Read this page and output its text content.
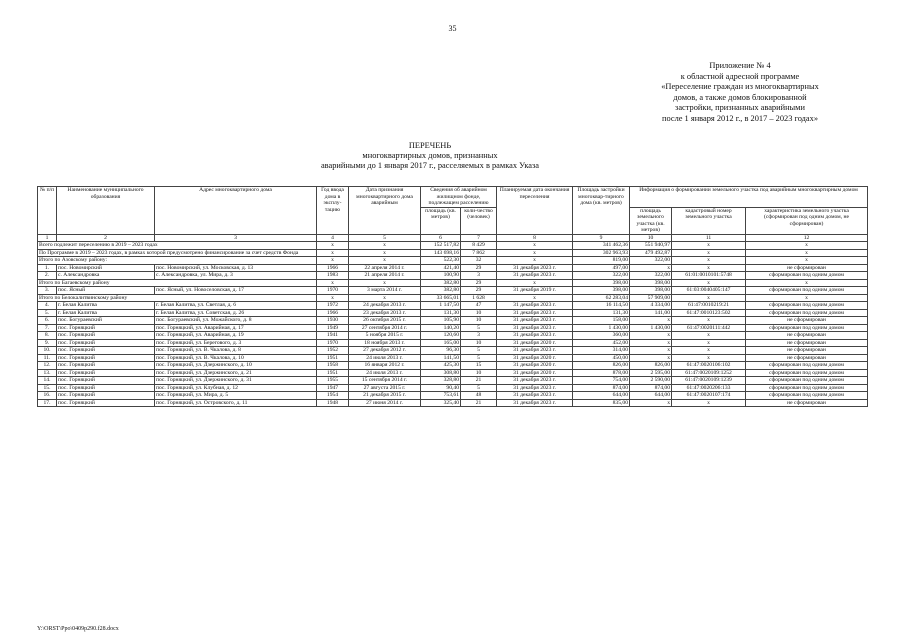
35
Приложение № 4
к областной адресной программе
«Переселение граждан из многоквартирных
домов, а также домов блокированной
застройки, признанных аварийными
после 1 января 2012 г., в 2017 – 2023 годах»
ПЕРЕЧЕНЬ
многоквартирных домов, признанных
аварийными до 1 января 2017 г., расселяемых в рамках Указа
№ п/п	Наименование муниципального образования	Адрес многоквартирного дома	Год ввода дома в эксплу-тацию	Дата признания многоквартирного дома аварийным	Сведения об аварийном жилищном фонде, подлежащем расселению		Планируемая дата окончания переселения	Площадь застройки многоквар-тирного дома (кв. метров)	Информация о формировании земельного участка под аварийным многоквартирным домом		
					площадь (кв. метров)	коли-чество (человек)			площадь земельного участка (кв. метров)	кадастровый номер земельного участка	характеристика земельного участка (сформирован под одним домом, не сформирован)
1	2	3	4	5	6	7	8	9	10	11	12
Всего подлежит переселению в 2019 – 2023 годах			x	x	152 517,82	8 429	x	341 462,36	551 940,97	x	x
По Программе в 2019 – 2023 годах, в рамках которой предусмотрено финансирование за счет средств Фонда			x	x	143 698,16	7 862	x	302 963,93	479 492,87	x	x
Итого по Азовскому району:			x	x	522,30	32	x	819,00	322,00	x	x
1.	пос. Новомирский	пос. Новомирский, ул. Московская, д. 13	1966	22 апреля 2014 г.	421,40	29	31 декабря 2023 г.	497,00	x	x	не сформирован
2.	с. Александровка	с. Александровка, ул. Мира, д. 3	1983	21 апреля 2014 г.	100,90	3	31 декабря 2023 г.	322,00	322,00	61:01:0010101:5748	сформирован под одним домом
Итого по Багаевскому району			x	x	382,80	29	x	398,00	398,00	x	x
3.	пос. Ясный	пос. Ясный, ул. Новоселовская, д. 17	1970	3 марта 2014 г.	382,80	29	31 декабря 2019 г.	398,00	398,00	61:03:0040405:147	сформирован под одним домом
Итого по Белокалитвинскому району			x	x	33 665,01	1 628	x	62 283,04	57 909,00	x	x
4.	г. Белая Калитва	г. Белая Калитва, ул. Светлая, д. 6	1972	24 декабря 2013 г.	1 147,50	47	31 декабря 2023 г.	16 114,50	4 334,00	61:47:0010219:21	сформирован под одним домом
5.	г. Белая Калитва	г. Белая Калитва, ул. Советская, д. 26	1966	23 декабря 2013 г.	131,30	10	31 декабря 2023 г.	131,30	141,00	61:47:0010123:502	сформирован под одним домом
6.	пос. Богураевский	пос. Богураевский, ул. Можайского, д. 8	1930	26 октября 2015 г.	105,90	10	31 декабря 2023 г.	158,00	x	x	не сформирован
7.	пос. Горняцкий	пос. Горняцкий, ул. Аварийная, д. 17	1949	27 сентября 2014 г.	140,20	5	31 декабря 2023 г.	1 430,00	1 430,00	61:47:0020111:442	сформирован под одним домом
8.	пос. Горняцкий	пос. Горняцкий, ул. Аварийная, д. 19	1941	5 ноября 2015 г.	120,60	3	31 декабря 2023 г.	360,00	x	x	не сформирован
9.	пос. Горняцкий	пос. Горняцкий, ул. Берегового, д. 3	1970	18 ноября 2013 г.	165,00	10	31 декабря 2020 г.	452,00	x	x	не сформирован
10.	пос. Горняцкий	пос. Горняцкий, ул. В. Чкалова, д. 8	1952	27 декабря 2012 г.	96,30	5	31 декабря 2023 г.	314,00	x	x	не сформирован
11.	пос. Горняцкий	пос. Горняцкий, ул. В. Чкалова, д. 10	1951	24 июля 2013 г.	141,50	5	31 декабря 2020 г.	450,00	x	x	не сформирован
12.	пос. Горняцкий	пос. Горняцкий, ул. Дзержинского, д. 10	1958	16 января 2012 г.	425,30	15	31 декабря 2020 г.	826,00	826,00	61:47:0020106:102	сформирован под одним домом
13.	пос. Горняцкий	пос. Горняцкий, ул. Дзержинского, д. 21	1951	24 июля 2013 г.	308,80	10	31 декабря 2020 г.	878,00	2 595,00	61:47:0020109:1252	сформирован под одним домом
14.	пос. Горняцкий	пос. Горняцкий, ул. Дзержинского, д. 31	1955	15 сентября 2014 г.	328,80	21	31 декабря 2023 г.	754,00	2 590,00	61:47:0020109:1239	сформирован под одним домом
15.	пос. Горняцкий	пос. Горняцкий, ул. Клубная, д. 12	1947	27 августа 2015 г.	90,40	5	31 декабря 2023 г.	874,00	874,00	61:47:0020206:133	сформирован под одним домом
16.	пос. Горняцкий	пос. Горняцкий, ул. Мира, д. 5	1954	21 декабря 2015 г.	753,61	48	31 декабря 2023 г.	644,00	644,00	61:47:0020107:174	сформирован под одним домом
17.	пос. Горняцкий	пос. Горняцкий, ул. Островского, д. 11	1948	27 июня 2014 г.	325,40	21	31 декабря 2023 г.	835,00	x	x	не сформирован
Y:\ORST\Ppo\0409p290.f28.docx
